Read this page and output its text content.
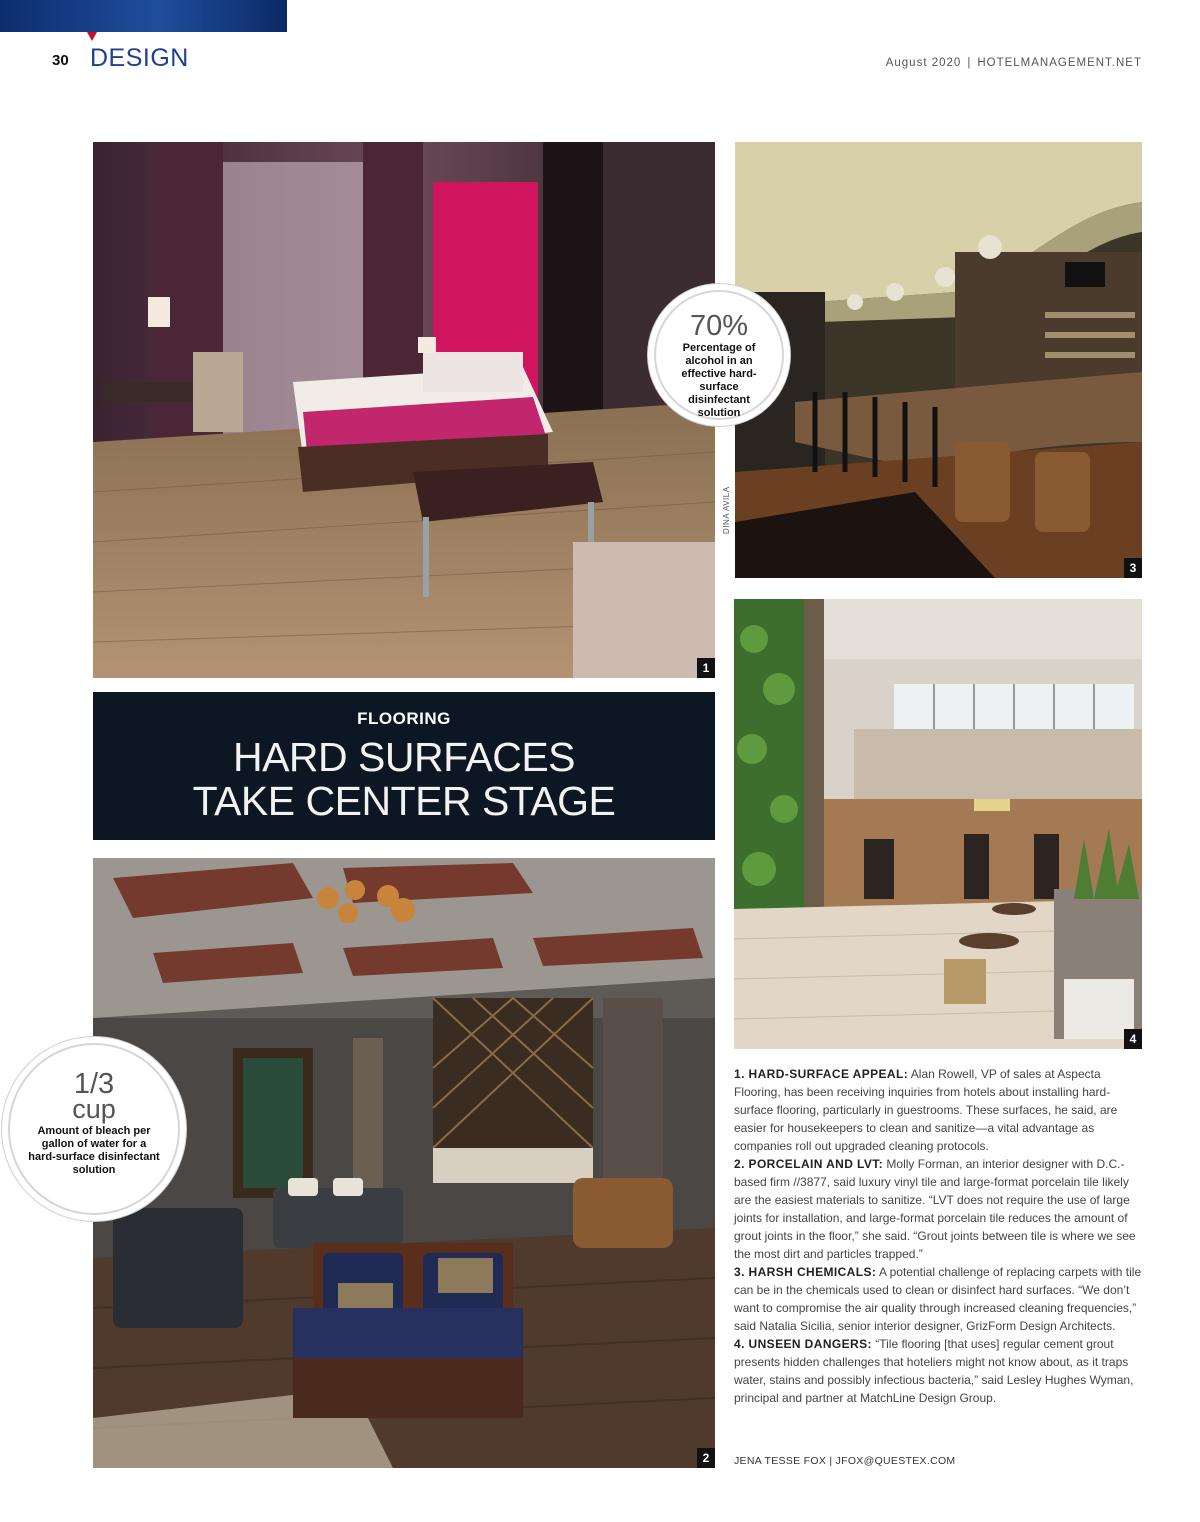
30 DESIGN	August 2020 | HOTELMANAGEMENT.NET
1
3
DINA AVILA
4
FLOORING
HARD SURFACES
TAKE CENTER STAGE
2
70%
Percentage of alcohol in an effective hard-surface disinfectant solution
1/3
cup
Amount of bleach per gallon of water for a hard-surface disinfectant solution

1. HARD-SURFACE APPEAL: Alan Rowell, VP of sales at Aspecta Flooring, has been receiving inquiries from hotels about installing hard-surface flooring, particularly in guestrooms. These surfaces, he said, are easier for housekeepers to clean and sanitize—a vital advantage as companies roll out upgraded cleaning protocols.

2. PORCELAIN AND LVT: Molly Forman, an interior designer with D.C.-based firm //3877, said luxury vinyl tile and large-format porcelain tile likely are the easiest materials to sanitize. “LVT does not require the use of large joints for installation, and large-format porcelain tile reduces the amount of grout joints in the floor,” she said. “Grout joints between tile is where we see the most dirt and particles trapped.”

3. HARSH CHEMICALS: A potential challenge of replacing carpets with tile can be in the chemicals used to clean or disinfect hard surfaces. “We don’t want to compromise the air quality through increased cleaning frequencies,” said Natalia Sicilia, senior interior designer, GrizForm Design Architects.

4. UNSEEN DANGERS: “Tile flooring [that uses] regular cement grout presents hidden challenges that hoteliers might not know about, as it traps water, stains and possibly infectious bacteria,” said Lesley Hughes Wyman, principal and partner at MatchLine Design Group.

JENA TESSE FOX | JFOX@QUESTEX.COM
